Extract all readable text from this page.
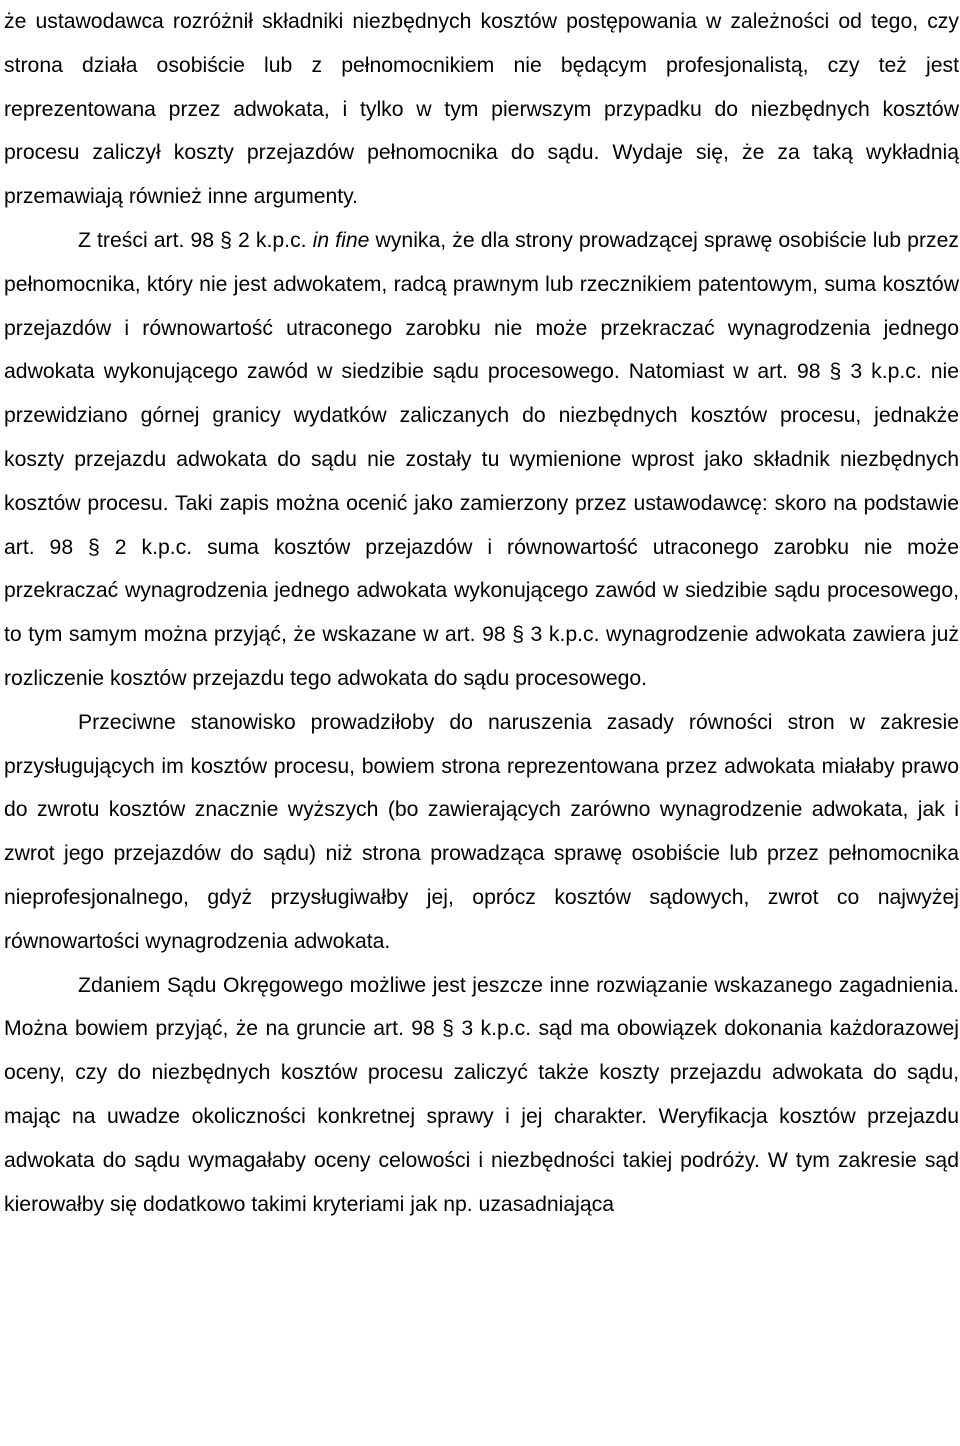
że ustawodawca rozróżnił składniki niezbędnych kosztów postępowania w zależności od tego, czy strona działa osobiście lub z pełnomocnikiem nie będącym profesjonalistą, czy też jest reprezentowana przez adwokata, i tylko w tym pierwszym przypadku do niezbędnych kosztów procesu zaliczył koszty przejazdów pełnomocnika do sądu. Wydaje się, że za taką wykładnią przemawiają również inne argumenty.

Z treści art. 98 § 2 k.p.c. in fine wynika, że dla strony prowadzącej sprawę osobiście lub przez pełnomocnika, który nie jest adwokatem, radcą prawnym lub rzecznikiem patentowym, suma kosztów przejazdów i równowartość utraconego zarobku nie może przekraczać wynagrodzenia jednego adwokata wykonującego zawód w siedzibie sądu procesowego. Natomiast w art. 98 § 3 k.p.c. nie przewidziano górnej granicy wydatków zaliczanych do niezbędnych kosztów procesu, jednakże koszty przejazdu adwokata do sądu nie zostały tu wymienione wprost jako składnik niezbędnych kosztów procesu. Taki zapis można ocenić jako zamierzony przez ustawodawcę: skoro na podstawie art. 98 § 2 k.p.c. suma kosztów przejazdów i równowartość utraconego zarobku nie może przekraczać wynagrodzenia jednego adwokata wykonującego zawód w siedzibie sądu procesowego, to tym samym można przyjąć, że wskazane w art. 98 § 3 k.p.c. wynagrodzenie adwokata zawiera już rozliczenie kosztów przejazdu tego adwokata do sądu procesowego.

Przeciwne stanowisko prowadziłoby do naruszenia zasady równości stron w zakresie przysługujących im kosztów procesu, bowiem strona reprezentowana przez adwokata miałaby prawo do zwrotu kosztów znacznie wyższych (bo zawierających zarówno wynagrodzenie adwokata, jak i zwrot jego przejazdów do sądu) niż strona prowadząca sprawę osobiście lub przez pełnomocnika nieprofesjonalnego, gdyż przysługiwałby jej, oprócz kosztów sądowych, zwrot co najwyżej równowartości wynagrodzenia adwokata.

Zdaniem Sądu Okręgowego możliwe jest jeszcze inne rozwiązanie wskazanego zagadnienia. Można bowiem przyjąć, że na gruncie art. 98 § 3 k.p.c. sąd ma obowiązek dokonania każdorazowej oceny, czy do niezbędnych kosztów procesu zaliczyć także koszty przejazdu adwokata do sądu, mając na uwadze okoliczności konkretnej sprawy i jej charakter. Weryfikacja kosztów przejazdu adwokata do sądu wymagałaby oceny celowości i niezbędności takiej podróży. W tym zakresie sąd kierowałby się dodatkowo takimi kryteriami jak np. uzasadniająca
